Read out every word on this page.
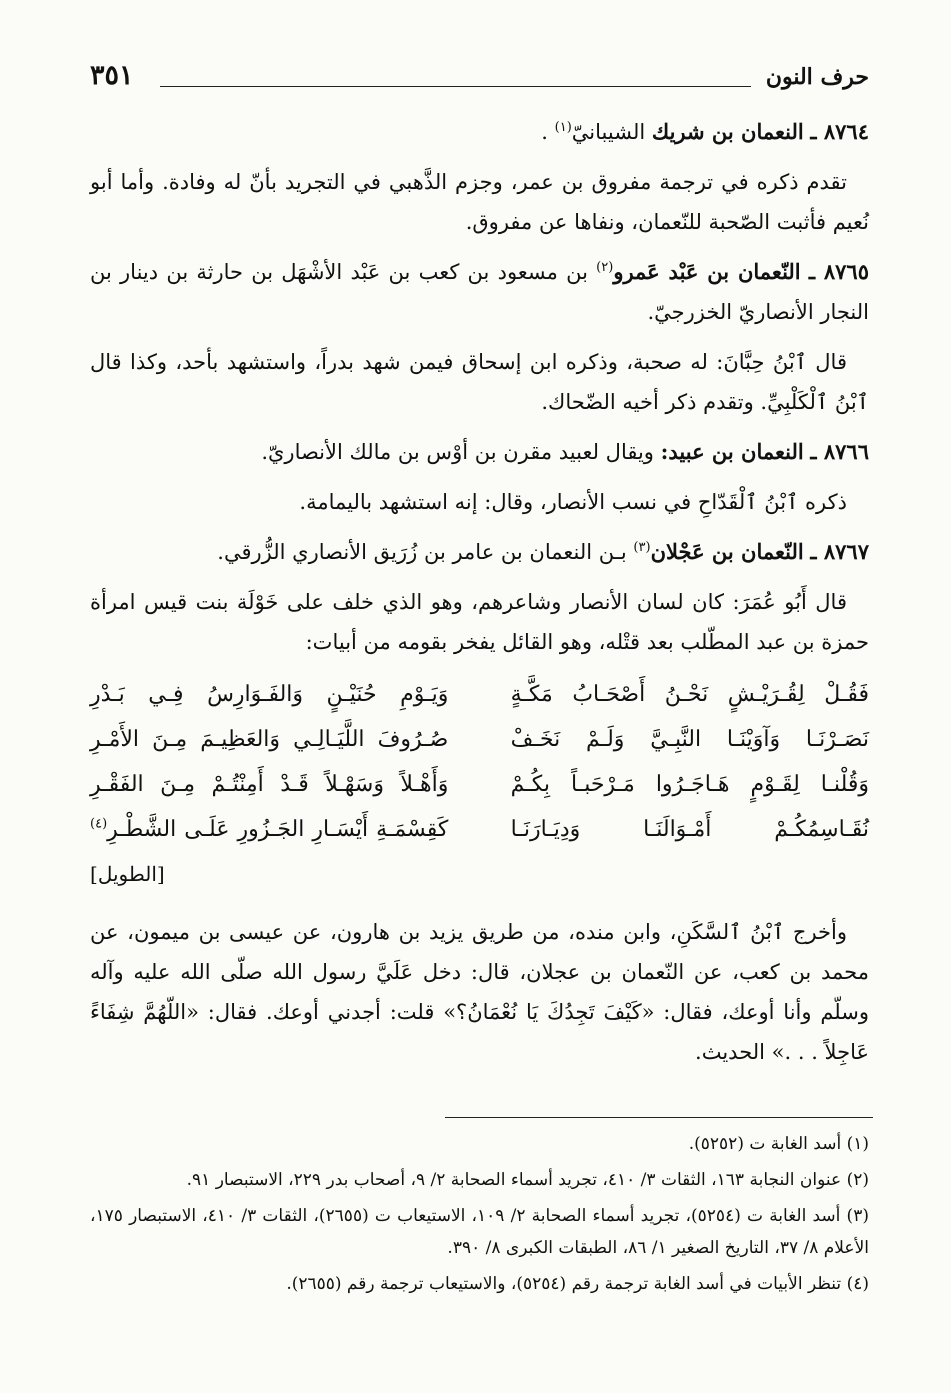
حرف النون
٣٥١

٨٧٦٤ ـ النعمان بن شريك الشيبانيّ$^{(١)}$ .

تقدم ذكره في ترجمة مفروق بن عمر، وجزم الذَّهبي في التجريد بأنّ له وفادة. وأما أبو نُعيم فأثبت الصّحبة للنّعمان، ونفاها عن مفروق.

٨٧٦٥ ـ النّعمان بن عَبْد عَمرو$^{(٢)}$ بن مسعود بن كعب بن عَبْد الأشْهَل بن حارثة بن دينار بن النجار الأنصاريّ الخزرجيّ.

قال ٱبْنُ حِبَّانَ: له صحبة، وذكره ابن إسحاق فيمن شهد بدراً، واستشهد بأحد، وكذا قال ٱبْنُ ٱلْكَلْبِيِّ. وتقدم ذكر أخيه الضّحاك.

٨٧٦٦ ـ النعمان بن عبيد: ويقال لعبيد مقرن بن أوْس بن مالك الأنصاريّ.

ذكره ٱبْنُ ٱلْقَدّاحِ في نسب الأنصار، وقال: إنه استشهد باليمامة.

٨٧٦٧ ـ النّعمان بن عَجْلان$^{(٣)}$ بـن النعمان بن عامر بن زُرَيق الأنصاري الزُّرقي.

قال أَبُو عُمَرَ: كان لسان الأنصار وشاعرهم، وهو الذي خلف على خَوْلَة بنت قيس امرأة حمزة بن عبد المطّلب بعد قتْله، وهو القائل يفخر بقومه من أبيات:

فَقُـلْ لِقُـرَيْـشٍ نَحْـنُ أَصْحَـابُ مَكَّـةٍ
وَيَـوْمِ حُنَيْـنٍ وَالفَـوَارِسُ فِـي بَـدْرِ
نَصَـرْنَـا وَآوَيْنَـا النَّبِـيَّ وَلَـمْ نَخَـفْ
صُـرُوفَ اللَّيَـالِـي وَالعَظِيـمَ مِـنَ الأَمْـرِ
وَقُلْنـا لِقَـوْمٍ هَـاجَـرُوا مَـرْحَبـاً بِكُـمْ
وَأَهْـلاً وَسَهْـلاً قَـدْ أَمِنْتُـمْ مِـنَ الفَقْـرِ
نُقَـاسِمُكُـمْ أَمْـوَالَنَـا وَدِيَـارَنَـا
كَقِسْمَـةِ أَيْسَـارِ الجَـزُورِ عَلَـى الشَّطْـرِ$^{(٤)}$
[الطويل]

وأخرج ٱبْنُ ٱلسَّكَنِ، وابن منده، من طريق يزيد بن هارون، عن عيسى بن ميمون، عن محمد بن كعب، عن النّعمان بن عجلان، قال: دخل عَلَيَّ رسول الله صلّى الله عليه وآله وسلّم وأنا أوعك، فقال: «كَيْفَ تَجِدُكَ يَا نُعْمَانُ؟» قلت: أجدني أوعك. فقال: «اللّهُمَّ شِفَاءً عَاجِلاً . . .» الحديث.

(١) أسد الغابة ت (٥٢٥٢).

(٢) عنوان النجابة ١٦٣، الثقات ٣/ ٤١٠، تجريد أسماء الصحابة ٢/ ٩، أصحاب بدر ٢٢٩، الاستبصار ٩١.

(٣) أسد الغابة ت (٥٢٥٤)، تجريد أسماء الصحابة ٢/ ١٠٩، الاستيعاب ت (٢٦٥٥)، الثقات ٣/ ٤١٠، الاستبصار ١٧٥، الأعلام ٨/ ٣٧، التاريخ الصغير ١/ ٨٦، الطبقات الكبرى ٨/ ٣٩٠.

(٤) تنظر الأبيات في أسد الغابة ترجمة رقم (٥٢٥٤)، والاستيعاب ترجمة رقم (٢٦٥٥).
